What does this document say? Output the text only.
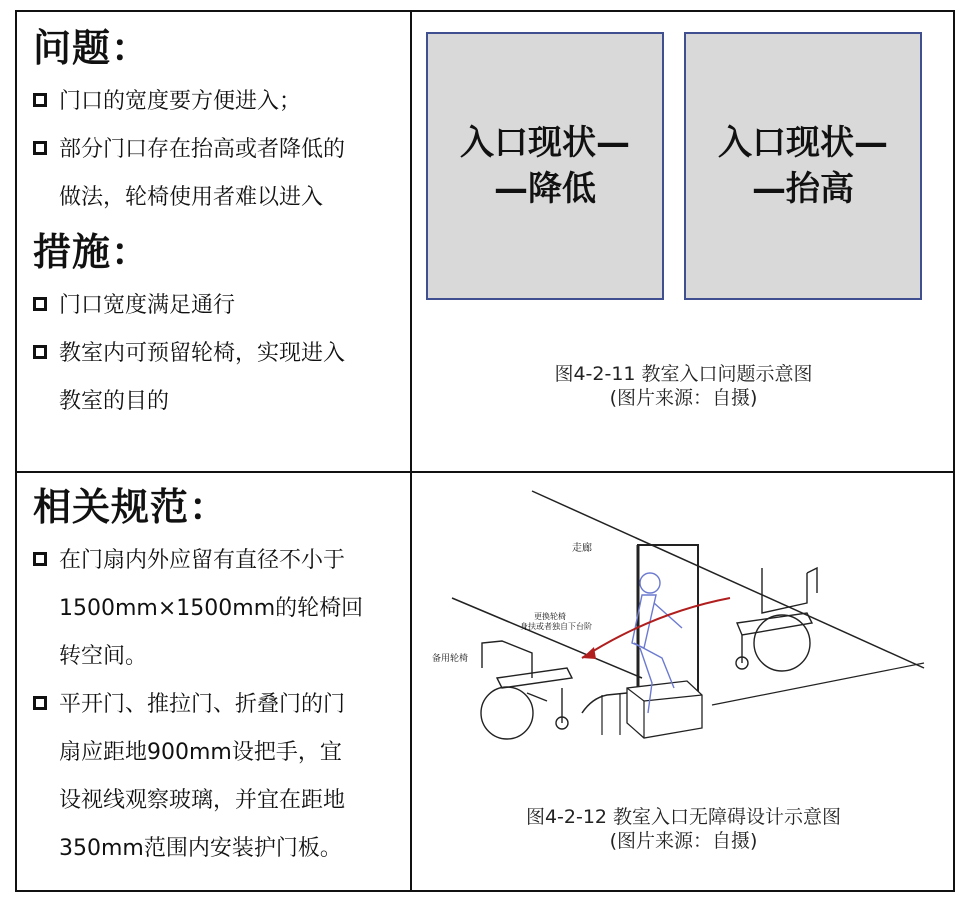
问题：
门口的宽度要方便进入；
部分门口存在抬高或者降低的
做法，轮椅使用者难以进入
措施：
门口宽度满足通行
教室内可预留轮椅，实现进入
教室的目的
相关规范：
在门扇内外应留有直径不小于
1500mm×1500mm的轮椅回
转空间。
平开门、推拉门、折叠门的门
扇应距地900mm设把手，宜
设视线观察玻璃，并宜在距地
350mm范围内安装护门板。
入口现状—
—降低
入口现状—
—抬高
图4-2-11 教室入口问题示意图
(图片来源：自摄)
走廊
更换轮椅
身扶或者独自下台阶
备用轮椅
图4-2-12 教室入口无障碍设计示意图
(图片来源：自摄)
